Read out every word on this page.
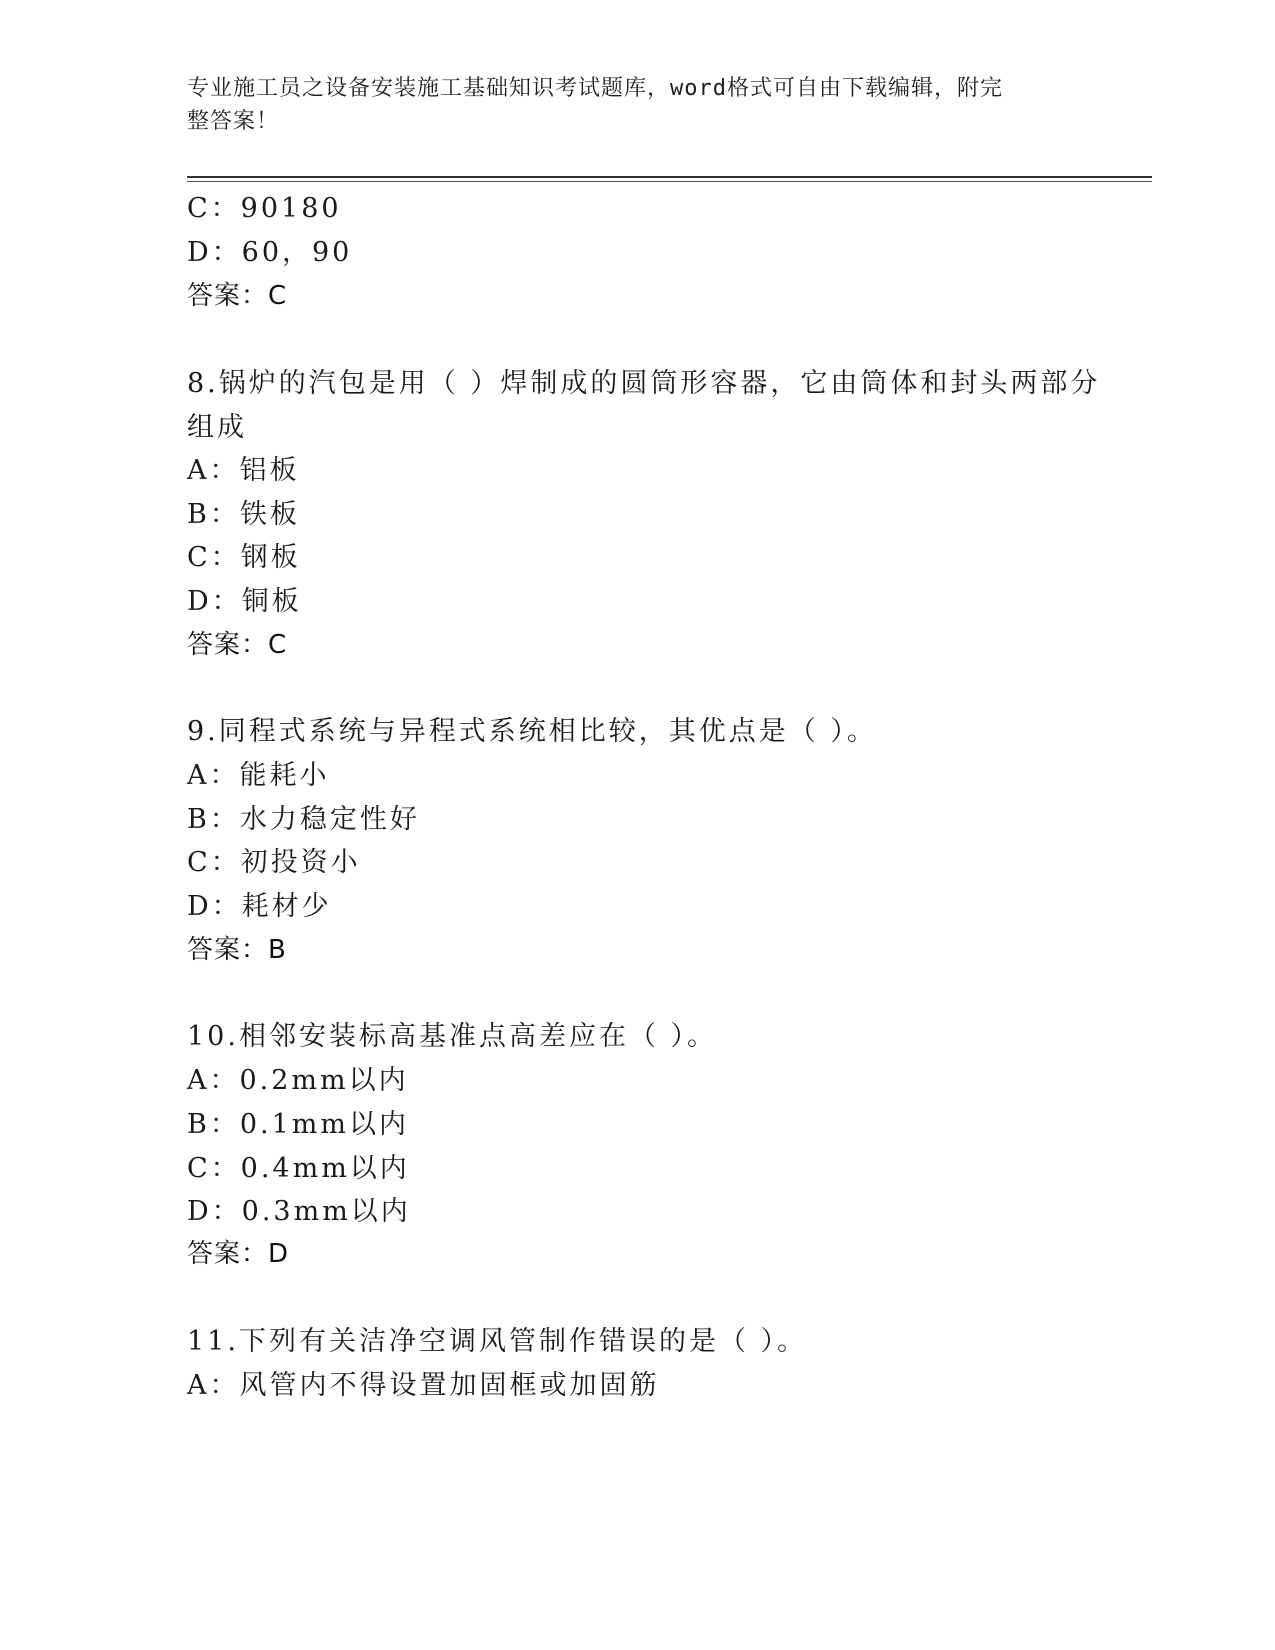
专业施工员之设备安装施工基础知识考试题库，word格式可自由下载编辑，附完
整答案！
C：90180
D：60，90
答案：C
8.锅炉的汽包是用（ ）焊制成的圆筒形容器，它由筒体和封头两部分
组成
A：铝板
B：铁板
C：钢板
D：铜板
答案：C
9.同程式系统与异程式系统相比较，其优点是（ ）。
A：能耗小
B：水力稳定性好
C：初投资小
D：耗材少
答案：B
10.相邻安装标高基准点高差应在（ ）。
A：0.2mm以内
B：0.1mm以内
C：0.4mm以内
D：0.3mm以内
答案：D
11.下列有关洁净空调风管制作错误的是（ ）。
A：风管内不得设置加固框或加固筋
